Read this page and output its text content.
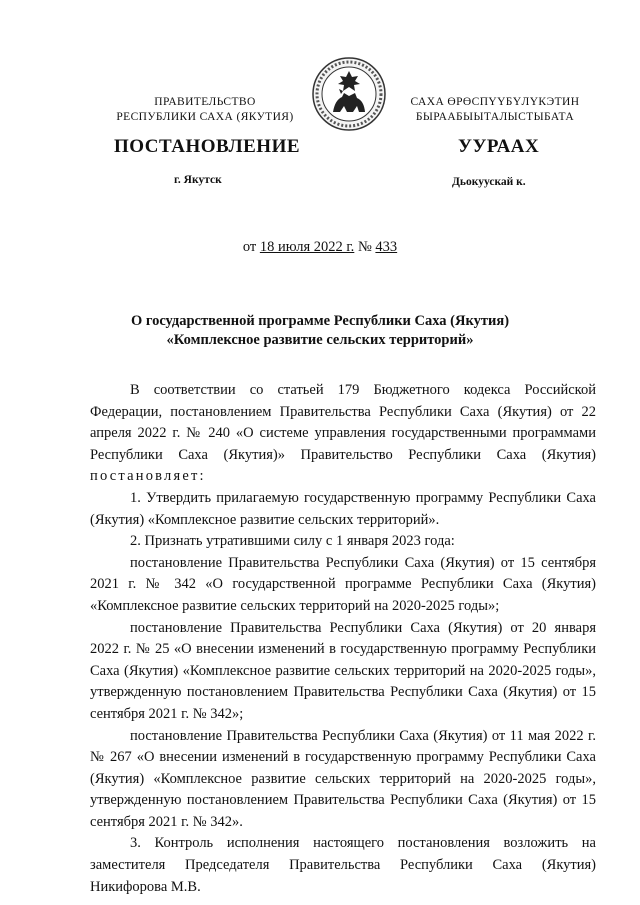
ПРАВИТЕЛЬСТВО
РЕСПУБЛИКИ САХА (ЯКУТИЯ)
ПОСТАНОВЛЕНИЕ
г. Якутск
САХА ӨРӨСПҮҮБҮЛҮКЭТИН
БЫРААБЫЫТАЛЫСТЫБАТА
УУРААХ
Дьокуускай к.
от 18 июля 2022 г. № 433
О государственной программе Республики Саха (Якутия)
«Комплексное развитие сельских территорий»

В соответствии со статьей 179 Бюджетного кодекса Российской Федерации, постановлением Правительства Республики Саха (Якутия) от 22 апреля 2022 г. № 240 «О системе управления государственными программами Республики Саха (Якутия)» Правительство Республики Саха (Якутия) постановляет:

1. Утвердить прилагаемую государственную программу Республики Саха (Якутия) «Комплексное развитие сельских территорий».

2. Признать утратившими силу с 1 января 2023 года:

постановление Правительства Республики Саха (Якутия) от 15 сентября 2021 г. № 342 «О государственной программе Республики Саха (Якутия) «Комплексное развитие сельских территорий на 2020-2025 годы»;

постановление Правительства Республики Саха (Якутия) от 20 января 2022 г. № 25 «О внесении изменений в государственную программу Республики Саха (Якутия) «Комплексное развитие сельских территорий на 2020-2025 годы», утвержденную постановлением Правительства Республики Саха (Якутия) от 15 сентября 2021 г. № 342»;

постановление Правительства Республики Саха (Якутия) от 11 мая 2022 г. № 267 «О внесении изменений в государственную программу Республики Саха (Якутия) «Комплексное развитие сельских территорий на 2020-2025 годы», утвержденную постановлением Правительства Республики Саха (Якутия) от 15 сентября 2021 г. № 342».

3. Контроль исполнения настоящего постановления возложить на заместителя Председателя Правительства Республики Саха (Якутия) Никифорова М.В.
